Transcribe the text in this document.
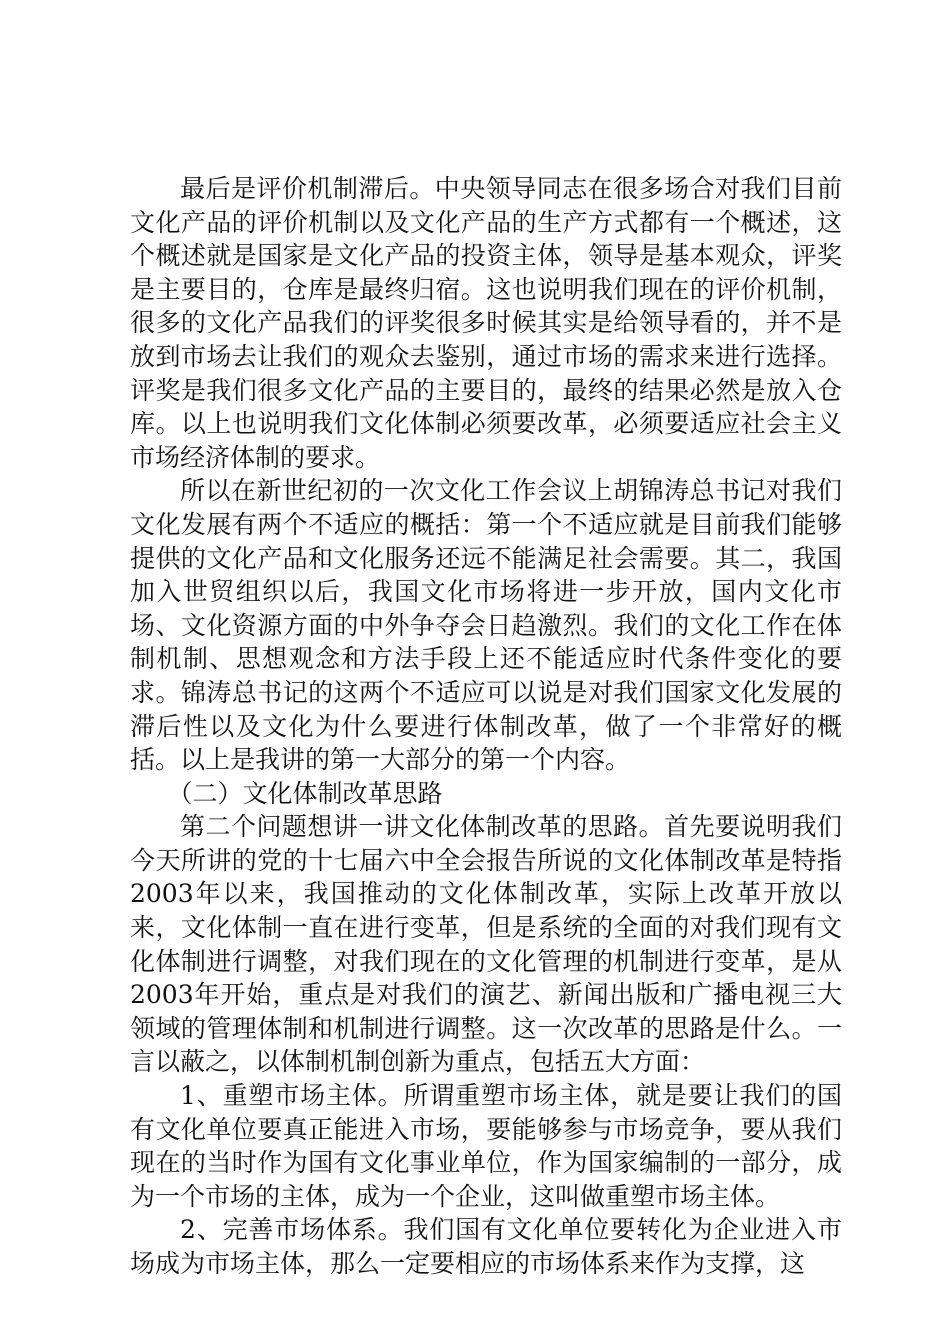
最后是评价机制滞后。中央领导同志在很多场合对我们目前文化产品的评价机制以及文化产品的生产方式都有一个概述，这个概述就是国家是文化产品的投资主体，领导是基本观众，评奖是主要目的，仓库是最终归宿。这也说明我们现在的评价机制，很多的文化产品我们的评奖很多时候其实是给领导看的，并不是放到市场去让我们的观众去鉴别，通过市场的需求来进行选择。评奖是我们很多文化产品的主要目的，最终的结果必然是放入仓库。以上也说明我们文化体制必须要改革，必须要适应社会主义市场经济体制的要求。

所以在新世纪初的一次文化工作会议上胡锦涛总书记对我们文化发展有两个不适应的概括：第一个不适应就是目前我们能够提供的文化产品和文化服务还远不能满足社会需要。其二，我国加入世贸组织以后，我国文化市场将进一步开放，国内文化市场、文化资源方面的中外争夺会日趋激烈。我们的文化工作在体制机制、思想观念和方法手段上还不能适应时代条件变化的要求。锦涛总书记的这两个不适应可以说是对我们国家文化发展的滞后性以及文化为什么要进行体制改革，做了一个非常好的概括。以上是我讲的第一大部分的第一个内容。

（二）文化体制改革思路

第二个问题想讲一讲文化体制改革的思路。首先要说明我们今天所讲的党的十七届六中全会报告所说的文化体制改革是特指2003年以来，我国推动的文化体制改革，实际上改革开放以来，文化体制一直在进行变革，但是系统的全面的对我们现有文化体制进行调整，对我们现在的文化管理的机制进行变革，是从2003年开始，重点是对我们的演艺、新闻出版和广播电视三大领域的管理体制和机制进行调整。这一次改革的思路是什么。一言以蔽之，以体制机制创新为重点，包括五大方面：

1、重塑市场主体。所谓重塑市场主体，就是要让我们的国有文化单位要真正能进入市场，要能够参与市场竞争，要从我们现在的当时作为国有文化事业单位，作为国家编制的一部分，成为一个市场的主体，成为一个企业，这叫做重塑市场主体。

2、完善市场体系。我们国有文化单位要转化为企业进入市场成为市场主体，那么一定要相应的市场体系来作为支撑，这
